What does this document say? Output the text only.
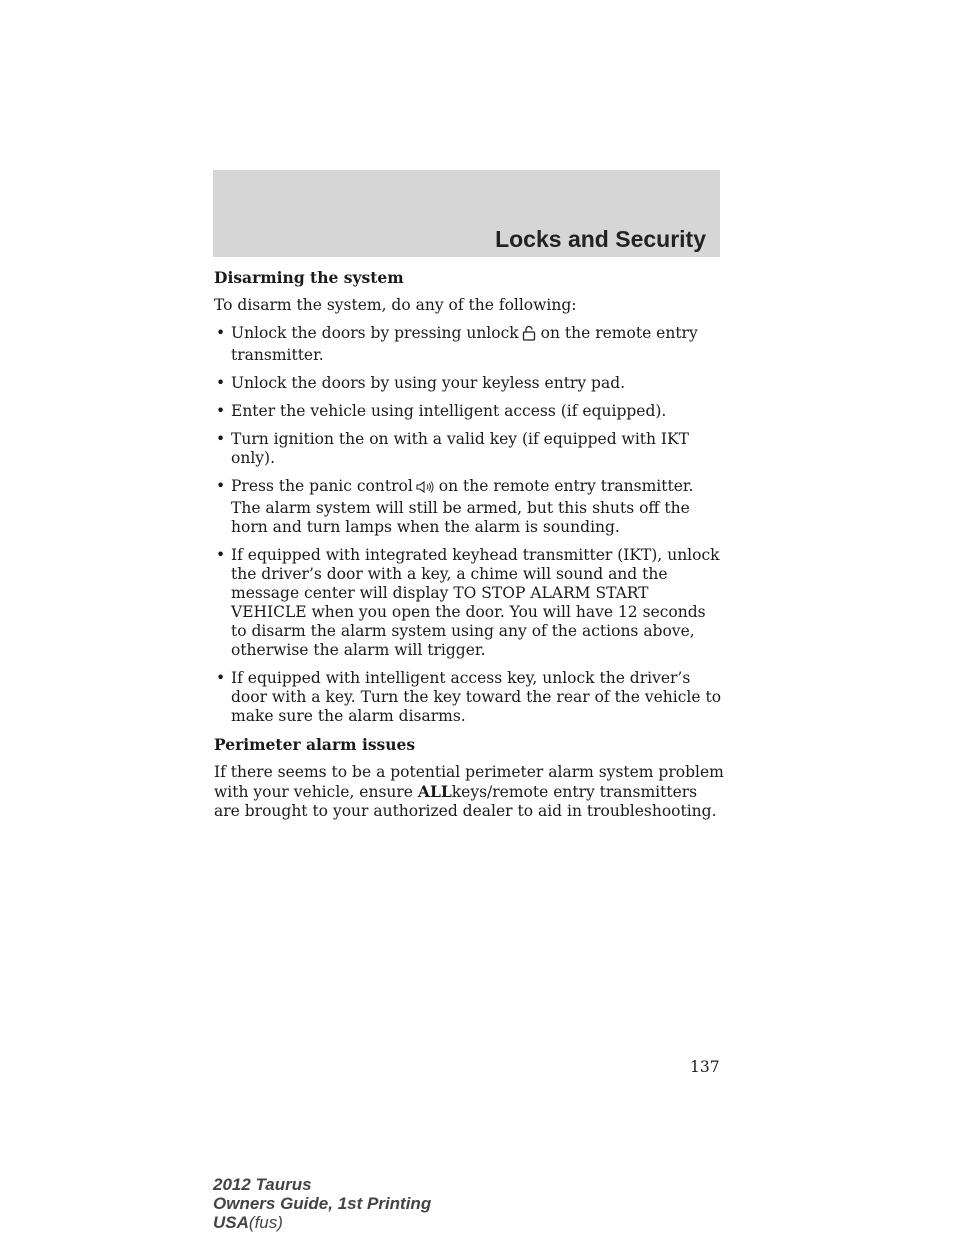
Locks and Security
Disarming the system
To disarm the system, do any of the following:
• Unlock the doors by pressing unlock on the remote entry
transmitter.
• Unlock the doors by using your keyless entry pad.
• Enter the vehicle using intelligent access (if equipped).
• Turn ignition the on with a valid key (if equipped with IKT only).
• Press the panic control on the remote entry transmitter. The alarm system will still be armed, but this shuts off the horn and turn lamps when the alarm is sounding.
• If equipped with integrated keyhead transmitter (IKT), unlock the driver’s door with a key, a chime will sound and the message center will display TO STOP ALARM START VEHICLE when you open the door. You will have 12 seconds to disarm the alarm system using any of the actions above, otherwise the alarm will trigger.
• If equipped with intelligent access key, unlock the driver’s door with a key. Turn the key toward the rear of the vehicle to make sure the alarm disarms.
Perimeter alarm issues
If there seems to be a potential perimeter alarm system problem with your vehicle, ensure ALLkeys/remote entry transmitters are brought to your authorized dealer to aid in troubleshooting.
137
2012 Taurus
Owners Guide, 1st Printing
USA(fus)
